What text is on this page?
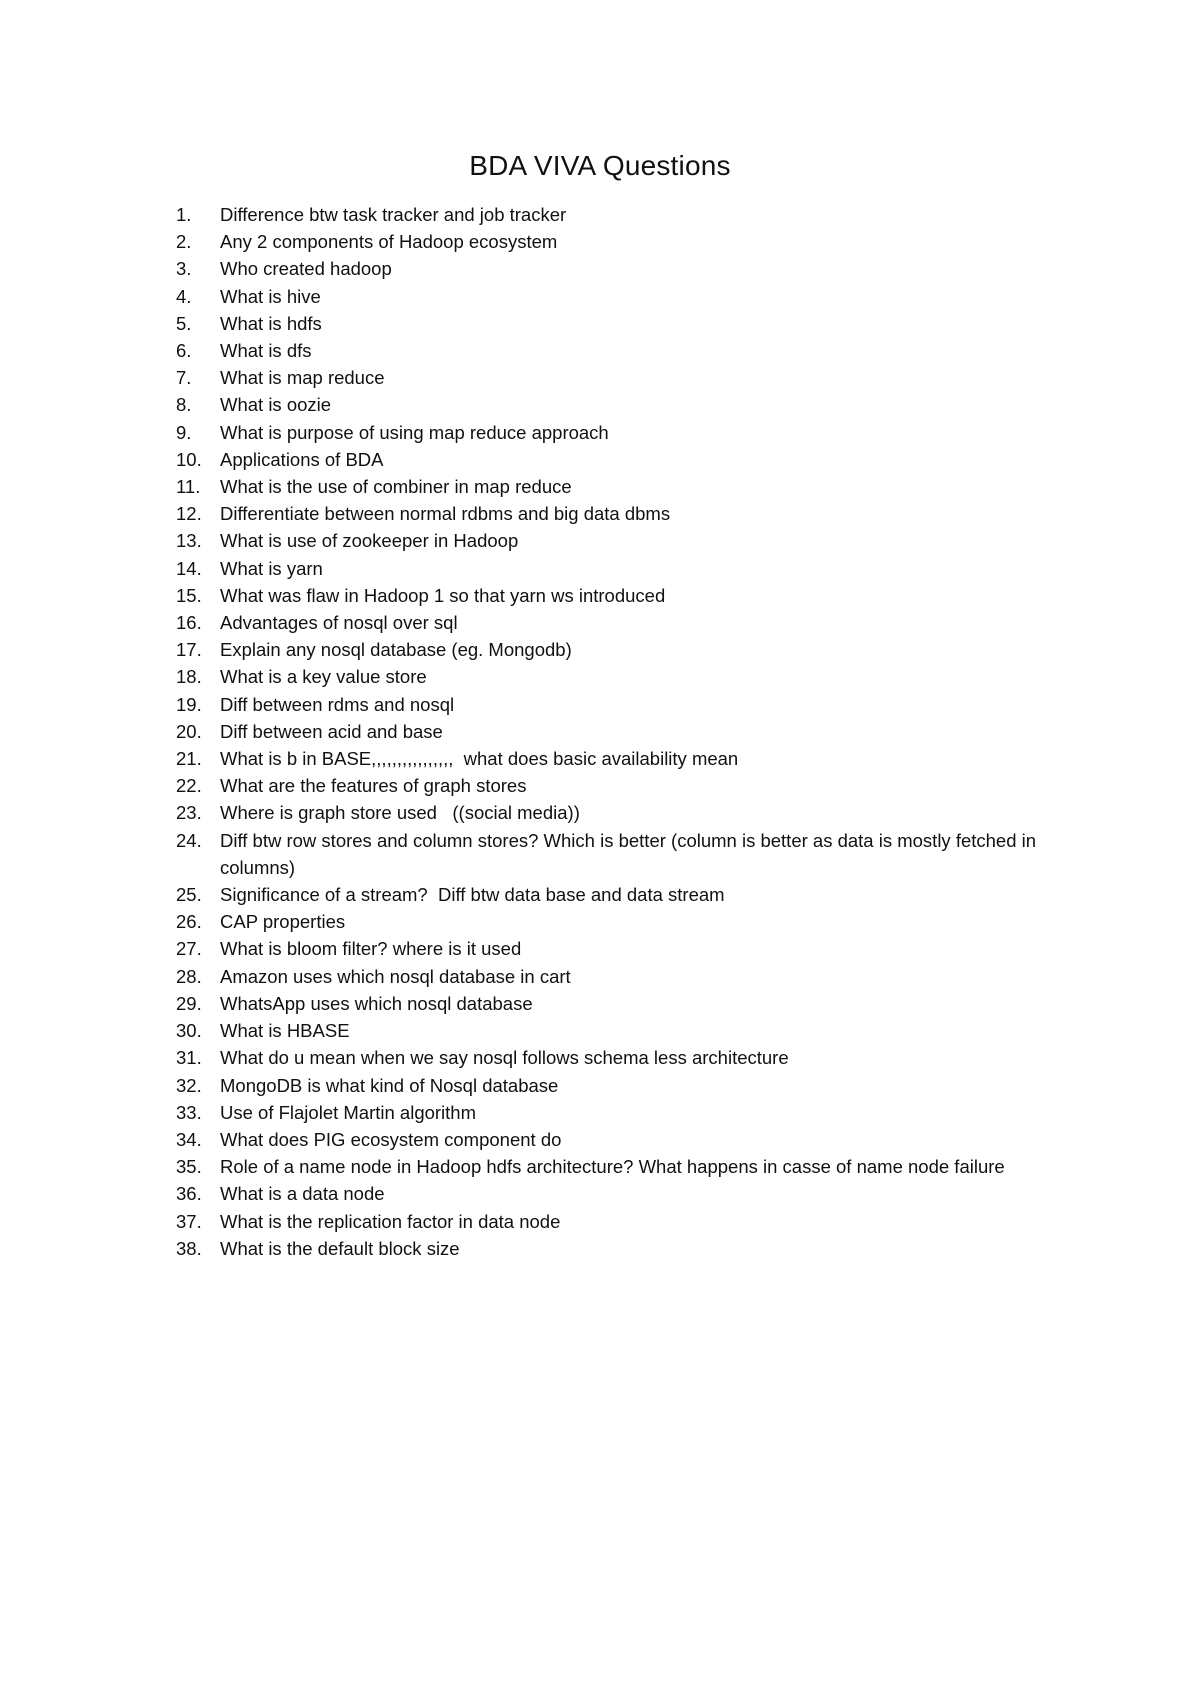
BDA VIVA Questions
1.	Difference btw task tracker and job tracker
2.	Any 2 components of Hadoop ecosystem
3.	Who created hadoop
4.	What is hive
5.	What is hdfs
6.	What is dfs
7.	What is map reduce
8.	What is oozie
9.	What is purpose of using map reduce approach
10. Applications of BDA
11.	What is the use of combiner in map reduce
12. Differentiate between normal rdbms and big data dbms
13. What is use of zookeeper in Hadoop
14. What is yarn
15. What was flaw in Hadoop 1 so that yarn ws introduced
16. Advantages of nosql over sql
17. Explain any nosql database (eg. Mongodb)
18. What is a key value store
19. Diff between rdms and nosql
20. Diff between acid and base
21. What is b in BASE,,,,,,,,,,,,,,,,  what does basic availability mean
22. What are the features of graph stores
23. Where is graph store used   ((social media))
24. Diff btw row stores and column stores? Which is better (column is better as data is mostly fetched in columns)
25. Significance of a stream?  Diff btw data base and data stream
26. CAP properties
27. What is bloom filter? where is it used
28. Amazon uses which nosql database in cart
29. WhatsApp uses which nosql database
30. What is HBASE
31. What do u mean when we say nosql follows schema less architecture
32. MongoDB is what kind of Nosql database
33. Use of Flajolet Martin algorithm
34. What does PIG ecosystem component do
35. Role of a name node in Hadoop hdfs architecture? What happens in casse of name node failure
36. What is a data node
37. What is the replication factor in data node
38. What is the default block size
